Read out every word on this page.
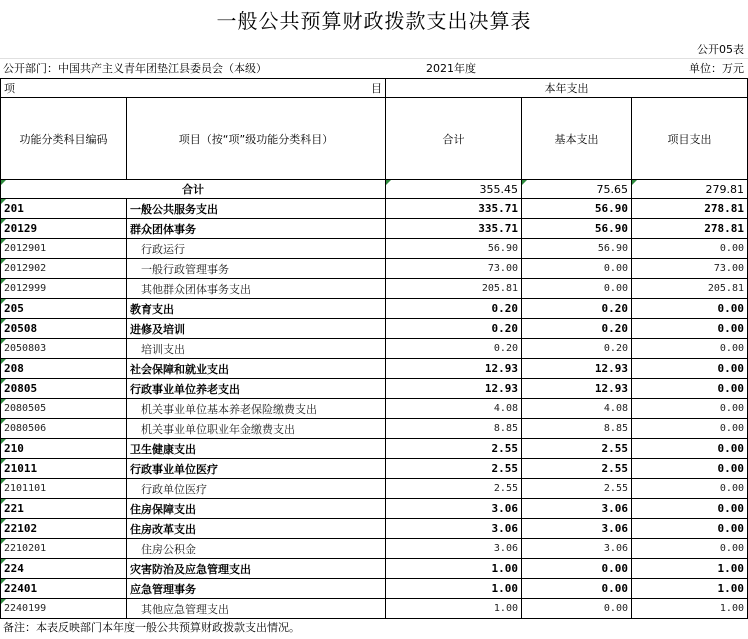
一般公共预算财政拨款支出决算表
公开05表
公开部门：中国共产主义青年团垫江县委员会（本级）	2021年度	单位：万元
项 目		本年支出		
功能分类科目编码	项目（按“项”级功能分类科目）	合计	基本支出	项目支出
合计		355.45	75.65	279.81
201	一般公共服务支出	335.71	56.90	278.81
20129	群众团体事务	335.71	56.90	278.81
2012901	行政运行	56.90	56.90	0.00
2012902	一般行政管理事务	73.00	0.00	73.00
2012999	其他群众团体事务支出	205.81	0.00	205.81
205	教育支出	0.20	0.20	0.00
20508	进修及培训	0.20	0.20	0.00
2050803	培训支出	0.20	0.20	0.00
208	社会保障和就业支出	12.93	12.93	0.00
20805	行政事业单位养老支出	12.93	12.93	0.00
2080505	机关事业单位基本养老保险缴费支出	4.08	4.08	0.00
2080506	机关事业单位职业年金缴费支出	8.85	8.85	0.00
210	卫生健康支出	2.55	2.55	0.00
21011	行政事业单位医疗	2.55	2.55	0.00
2101101	行政单位医疗	2.55	2.55	0.00
221	住房保障支出	3.06	3.06	0.00
22102	住房改革支出	3.06	3.06	0.00
2210201	住房公积金	3.06	3.06	0.00
224	灾害防治及应急管理支出	1.00	0.00	1.00
22401	应急管理事务	1.00	0.00	1.00
2240199	其他应急管理支出	1.00	0.00	1.00
备注：本表反映部门本年度一般公共预算财政拨款支出情况。
